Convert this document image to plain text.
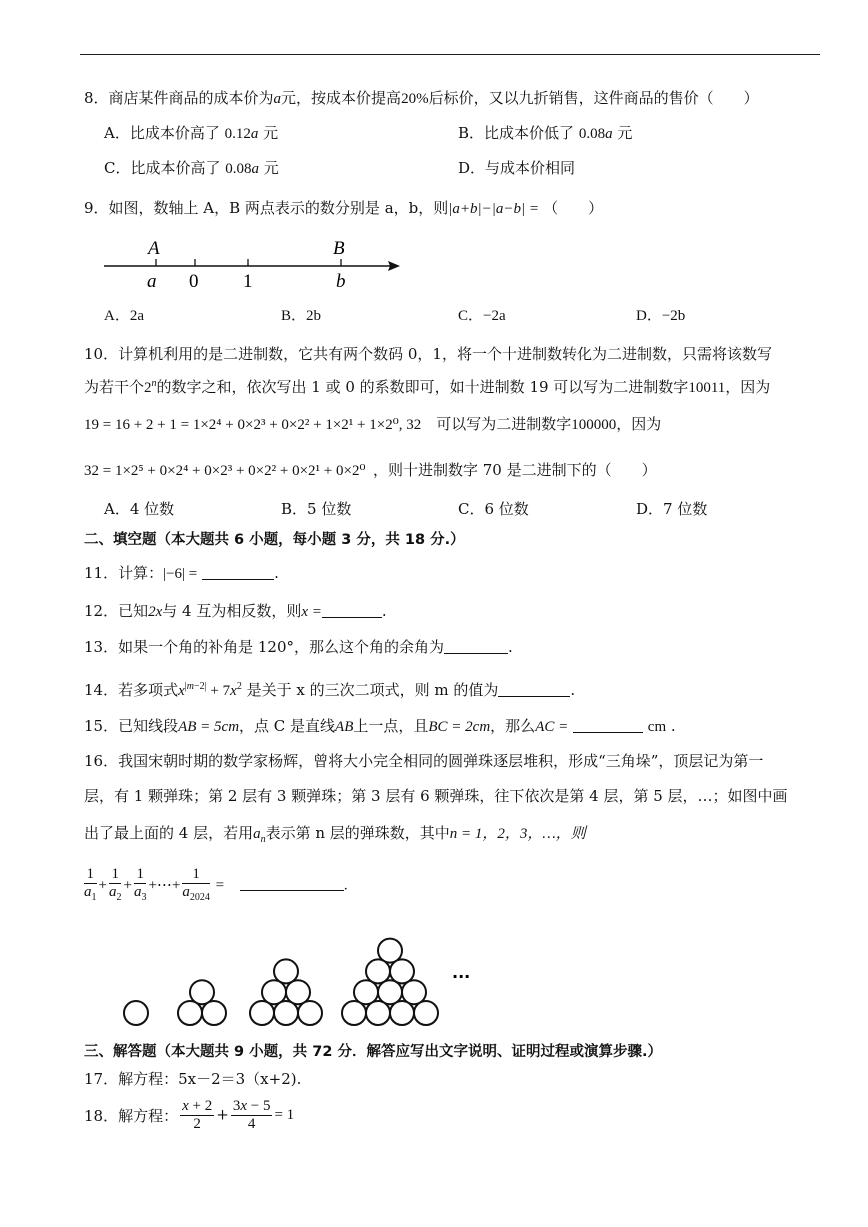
8．商店某件商品的成本价为a元，按成本价提高20%后标价，又以九折销售，这件商品的售价（　　）
A．比成本价高了 0.12a 元	B．比成本价低了 0.08a 元
C．比成本价高了 0.08a 元	D．与成本价相同
9．如图，数轴上 A，B 两点表示的数分别是 a，b，则|a+b|−|a−b| = （　　）
A	B
a 0 1	b
A．2a	B．2b	C．−2a	D．−2b
10．计算机利用的是二进制数，它共有两个数码 0，1，将一个十进制数转化为二进制数，只需将该数写
为若干个2$^n$的数字之和，依次写出 1 或 0 的系数即可，如十进制数 19 可以写为二进制数字10011，因为
19 = 16 + 2 + 1 = 1×2⁴ + 0×2³ + 0×2² + 1×2¹ + 1×2⁰, 32 可以写为二进制数字100000，因为
32 = 1×2⁵ + 0×2⁴ + 0×2³ + 0×2² + 0×2¹ + 0×2⁰ ，则十进制数字 70 是二进制下的（　　）
A．4 位数	B．5 位数	C．6 位数	D．7 位数
二、填空题（本大题共 6 小题，每小题 3 分，共 18 分.）
11．计算：|−6| =	.
12．已知2x与 4 互为相反数，则x =	.
13．如果一个角的补角是 120°，那么这个角的余角为	.
14．若多项式$x^{|m-2|} + 7x^2$ 是关于 x 的三次二项式，则 m 的值为	.
15．已知线段AB = 5cm，点 C 是直线AB上一点，且BC = 2cm，那么AC =	cm .
16．我国宋朝时期的数学家杨辉，曾将大小完全相同的圆弹珠逐层堆积，形成“三角垛”，顶层记为第一
层，有 1 颗弹珠；第 2 层有 3 颗弹珠；第 3 层有 6 颗弹珠，往下依次是第 4 层，第 5 层，…；如图中画
出了最上面的 4 层，若用$a_n$表示第 n 层的弹珠数，其中n = 1，2，3，…，则
$\frac{1}{a_1} + \frac{1}{a_2} + \frac{1}{a_3}$ +⋯+ $\frac{1}{a_{2024}}$ =	.
···
三、解答题（本大题共 9 小题，共 72 分．解答应写出文字说明、证明过程或演算步骤.）
17．解方程：5x－2＝3（x+2).
18．解方程： $\frac{x + 2}{2} + \frac{3x - 5}{4} = 1$
